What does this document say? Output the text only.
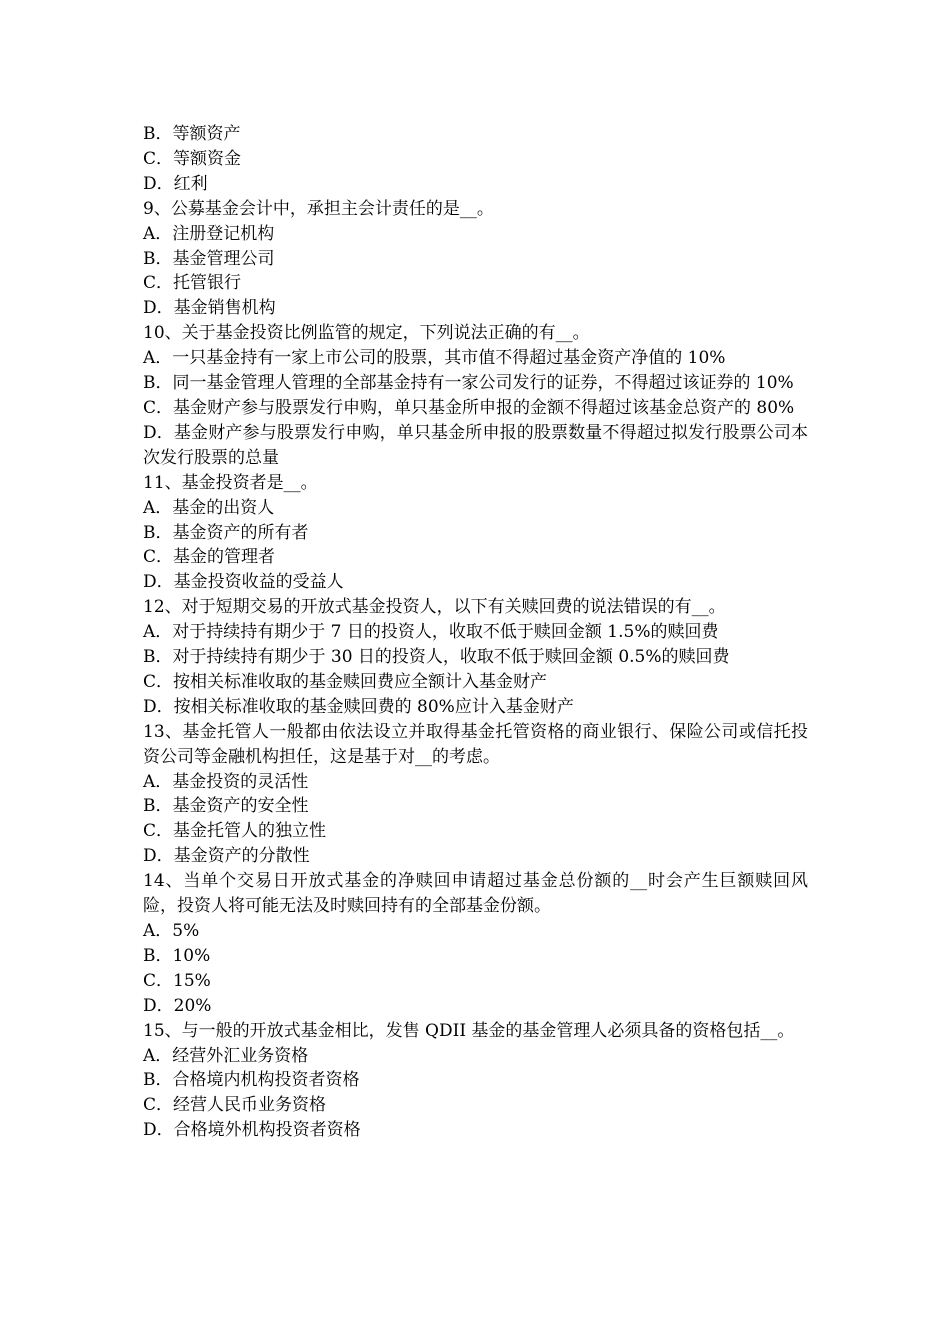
B．等额资产

C．等额资金

D．红利

9、公募基金会计中，承担主会计责任的是__。

A．注册登记机构

B．基金管理公司

C．托管银行

D．基金销售机构

10、关于基金投资比例监管的规定，下列说法正确的有__。

A．一只基金持有一家上市公司的股票，其市值不得超过基金资产净值的 10%

B．同一基金管理人管理的全部基金持有一家公司发行的证券，不得超过该证券的 10%

C．基金财产参与股票发行申购，单只基金所申报的金额不得超过该基金总资产的 80%

D．基金财产参与股票发行申购，单只基金所申报的股票数量不得超过拟发行股票公司本次发行股票的总量

11、基金投资者是__。

A．基金的出资人

B．基金资产的所有者

C．基金的管理者

D．基金投资收益的受益人

12、对于短期交易的开放式基金投资人，以下有关赎回费的说法错误的有__。

A．对于持续持有期少于 7 日的投资人，收取不低于赎回金额 1.5%的赎回费

B．对于持续持有期少于 30 日的投资人，收取不低于赎回金额 0.5%的赎回费

C．按相关标准收取的基金赎回费应全额计入基金财产

D．按相关标准收取的基金赎回费的 80%应计入基金财产

13、基金托管人一般都由依法设立并取得基金托管资格的商业银行、保险公司或信托投资公司等金融机构担任，这是基于对__的考虑。

A．基金投资的灵活性

B．基金资产的安全性

C．基金托管人的独立性

D．基金资产的分散性

14、当单个交易日开放式基金的净赎回申请超过基金总份额的__时会产生巨额赎回风险，投资人将可能无法及时赎回持有的全部基金份额。

A．5%

B．10%

C．15%

D．20%

15、与一般的开放式基金相比，发售 QDII 基金的基金管理人必须具备的资格包括__。

A．经营外汇业务资格

B．合格境内机构投资者资格

C．经营人民币业务资格

D．合格境外机构投资者资格
